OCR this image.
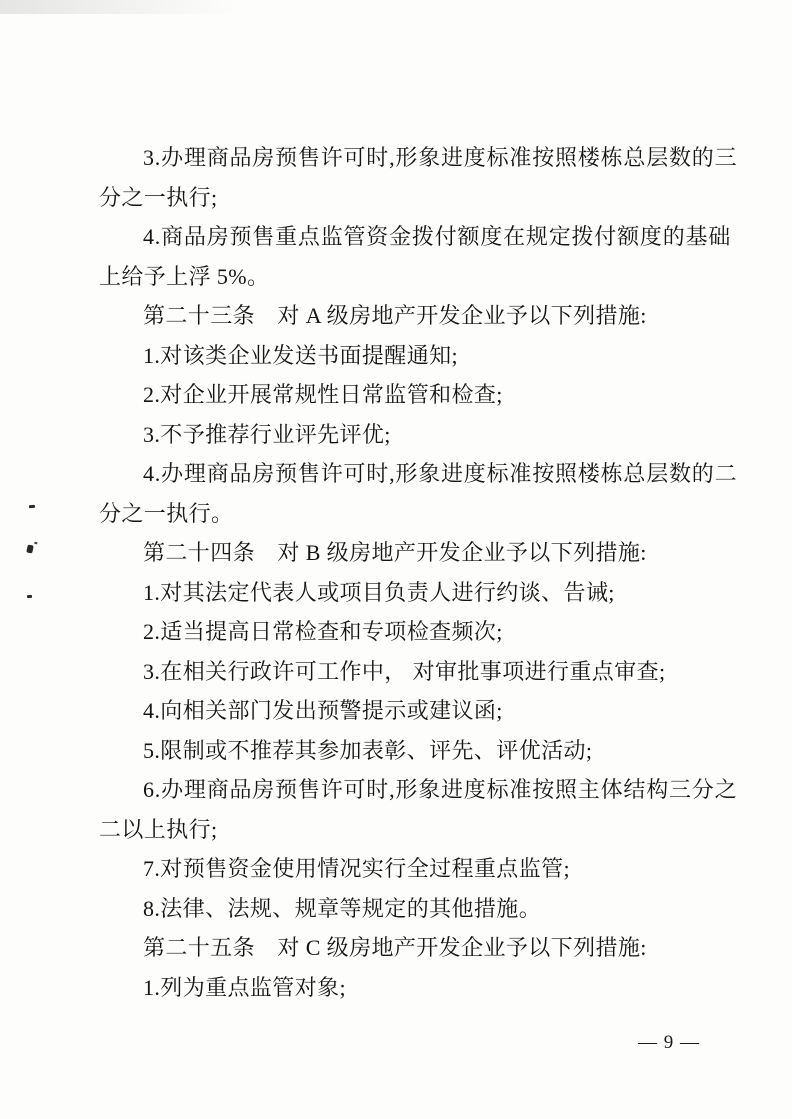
3.办理商品房预售许可时,形象进度标准按照楼栋总层数的三
分之一执行;
4.商品房预售重点监管资金拨付额度在规定拨付额度的基础
上给予上浮 5%。
第二十三条　对 A 级房地产开发企业予以下列措施:
1.对该类企业发送书面提醒通知;
2.对企业开展常规性日常监管和检查;
3.不予推荐行业评先评优;
4.办理商品房预售许可时,形象进度标准按照楼栋总层数的二
分之一执行。
第二十四条　对 B 级房地产开发企业予以下列措施:
1.对其法定代表人或项目负责人进行约谈、告诫;
2.适当提高日常检查和专项检查频次;
3.在相关行政许可工作中， 对审批事项进行重点审查;
4.向相关部门发出预警提示或建议函;
5.限制或不推荐其参加表彰、评先、评优活动;
6.办理商品房预售许可时,形象进度标准按照主体结构三分之
二以上执行;
7.对预售资金使用情况实行全过程重点监管;
8.法律、法规、规章等规定的其他措施。
第二十五条　对 C 级房地产开发企业予以下列措施:
1.列为重点监管对象;
— 9 —
